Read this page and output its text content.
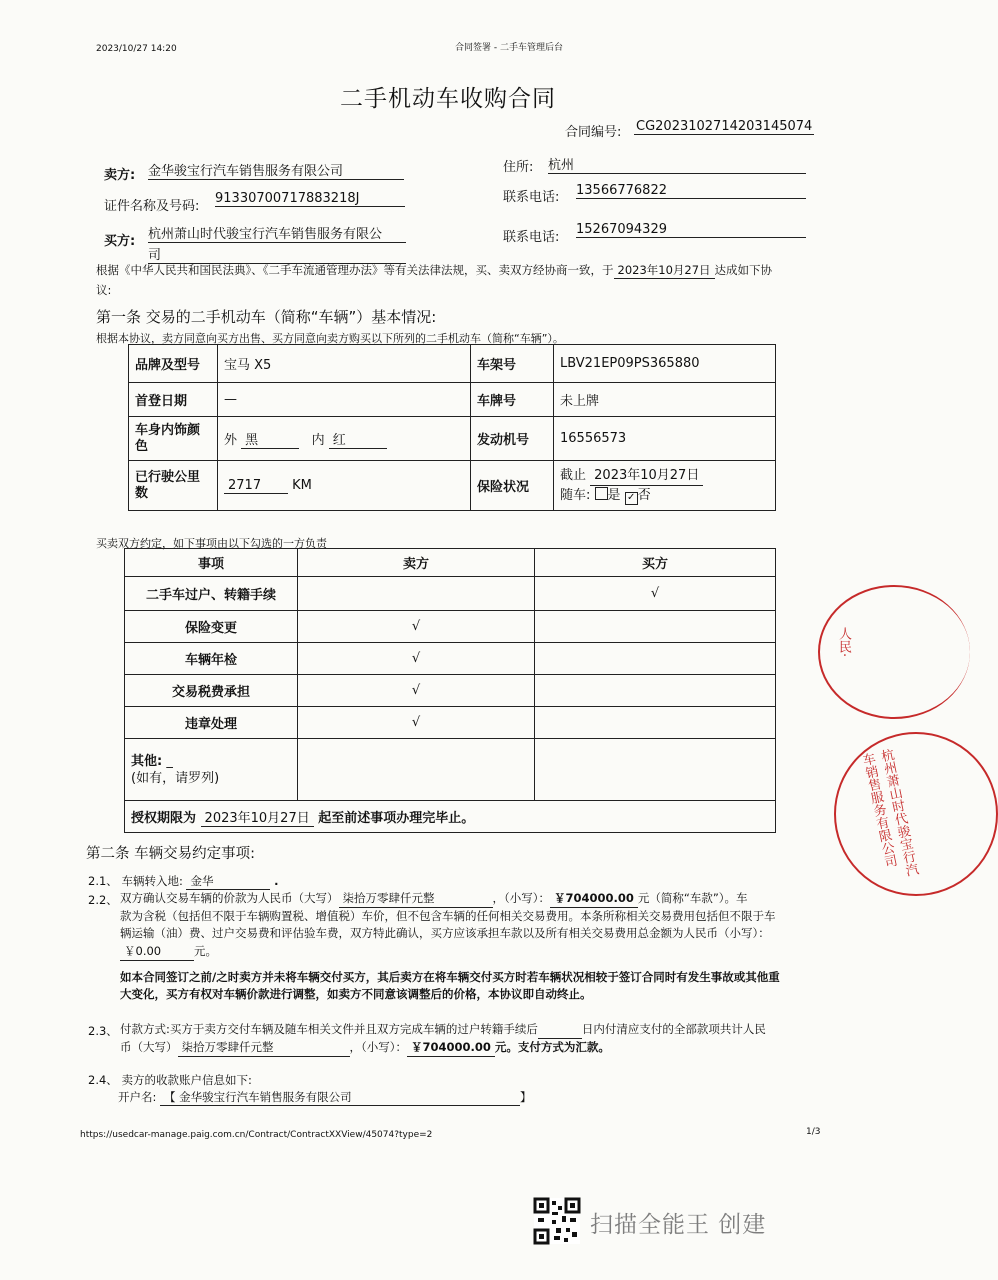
2023/10/27 14:20	合同签署 - 二手车管理后台
二手机动车收购合同
合同编号: CG2023102714203145074
卖方: 金华骏宝行汽车销售服务有限公司	住所: 杭州
证件名称及号码:
91330700717883218J	联系电话: 13566776822
买方: 杭州萧山时代骏宝行汽车销售服务有限公
司
联系电话:
15267094329
根据《中华人民共和国民法典》、《二手车流通管理办法》等有关法律法规，买、卖双方经协商一致，于 2023年10月27日 达成如下协
议:
第一条 交易的二手机动车（简称“车辆”）基本情况:
根据本协议，卖方同意向买方出售、买方同意向卖方购买以下所列的二手机动车（简称“车辆”）。
品牌及型号	宝马 X5	车架号	LBV21EP09PS365880
首登日期	—	车牌号	未上牌
车身内饰颜色	外 黑 内 红	发动机号	16556573
已行驶公里数	2717 KM	保险状况	截止 2023年10月27日
随车: 是 ✓ 否
买卖双方约定，如下事项由以下勾选的一方负责
事项	卖方	买方
二手车过户、转籍手续		√
保险变更	√	
车辆年检	√	
交易税费承担	√	
违章处理	√	
其他: _
(如有，请罗列)		
授权期限为 2023年10月27日 起至前述事项办理完毕止。		
第二条 车辆交易约定事项:
2.1、 车辆转入地: 金华	.
2.2、 双方确认交易车辆的价款为人民币（大写） 柒拾万零肆仟元整	，（小写）： ￥704000.00 元（简称“车款”）。车
款为含税（包括但不限于车辆购置税、增值税）车价，但不包含车辆的任何相关交易费用。本条所称相关交易费用包括但不限于车
辆运输（油）费、过户交易费和评估验车费，双方特此确认，买方应该承担车款以及所有相关交易费用总金额为人民币（小写）：
￥0.00	元。
如本合同签订之前/之时卖方并未将车辆交付买方，其后卖方在将车辆交付买方时若车辆状况相较于签订合同时有发生事故或其他重
大变化，买方有权对车辆价款进行调整，如卖方不同意该调整后的价格，本协议即自动终止。
2.3、 付款方式:买方于卖方交付车辆及随车相关文件并且双方完成车辆的过户转籍手续后	日内付清应支付的全部款项共计人民
币（大写） 柒拾万零肆仟元整	，（小写）： ￥704000.00 元。支付方式为汇款。
2.4、 卖方的收款账户信息如下:
开户名: 【 金华骏宝行汽车销售服务有限公司	】
https://usedcar-manage.paig.com.cn/Contract/ContractXXView/45074?type=2	1/3
人民·
杭州萧山时代骏宝行汽车销售服务有限公司
扫描全能王 创建
